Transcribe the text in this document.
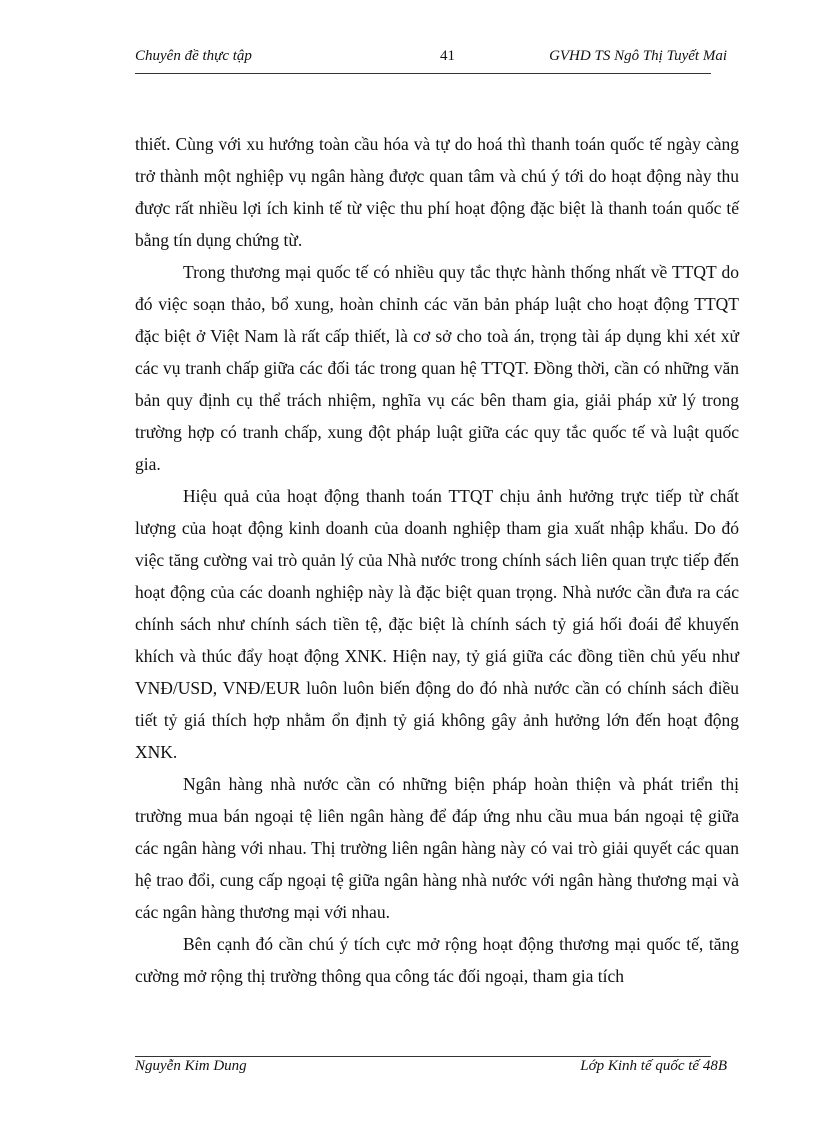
Chuyên đề thực tập	41	GVHD TS Ngô Thị Tuyết Mai

thiết. Cùng với xu hướng toàn cầu hóa và tự do hoá thì thanh toán quốc tế ngày càng trở thành một nghiệp vụ ngân hàng được quan tâm và chú ý tới do hoạt động này thu được rất nhiều lợi ích kinh tế từ việc thu phí hoạt động đặc biệt là thanh toán quốc tế bằng tín dụng chứng từ.

Trong thương mại quốc tế có nhiều quy tắc thực hành thống nhất về TTQT do đó việc soạn thảo, bổ xung, hoàn chỉnh các văn bản pháp luật cho hoạt động TTQT đặc biệt ở Việt Nam là rất cấp thiết, là cơ sở cho toà án, trọng tài áp dụng khi xét xử các vụ tranh chấp giữa các đối tác trong quan hệ TTQT. Đồng thời, cần có những văn bản quy định cụ thể trách nhiệm, nghĩa vụ các bên tham gia, giải pháp xử lý trong trường hợp có tranh chấp, xung đột pháp luật giữa các quy tắc quốc tế và luật quốc gia.

Hiệu quả của hoạt động thanh toán TTQT chịu ảnh hưởng trực tiếp từ chất lượng của hoạt động kinh doanh của doanh nghiệp tham gia xuất nhập khẩu. Do đó việc tăng cường vai trò quản lý của Nhà nước trong chính sách liên quan trực tiếp đến hoạt động của các doanh nghiệp này là đặc biệt quan trọng. Nhà nước cần đưa ra các chính sách như chính sách tiền tệ, đặc biệt là chính sách tỷ giá hối đoái để khuyến khích và thúc đẩy hoạt động XNK. Hiện nay, tỷ giá giữa các đồng tiền chủ yếu như VNĐ/USD, VNĐ/EUR luôn luôn biến động do đó nhà nước cần có chính sách điều tiết tỷ giá thích hợp nhằm ổn định tỷ giá không gây ảnh hưởng lớn đến hoạt động XNK.

Ngân hàng nhà nước cần có những biện pháp hoàn thiện và phát triển thị trường mua bán ngoại tệ liên ngân hàng để đáp ứng nhu cầu mua bán ngoại tệ giữa các ngân hàng với nhau. Thị trường liên ngân hàng này có vai trò giải quyết các quan hệ trao đổi, cung cấp ngoại tệ giữa ngân hàng nhà nước với ngân hàng thương mại và các ngân hàng thương mại với nhau.

Bên cạnh đó cần chú ý tích cực mở rộng hoạt động thương mại quốc tế, tăng cường mở rộng thị trường thông qua công tác đối ngoại, tham gia tích

Nguyễn Kim Dung	Lớp Kinh tế quốc tế 48B
